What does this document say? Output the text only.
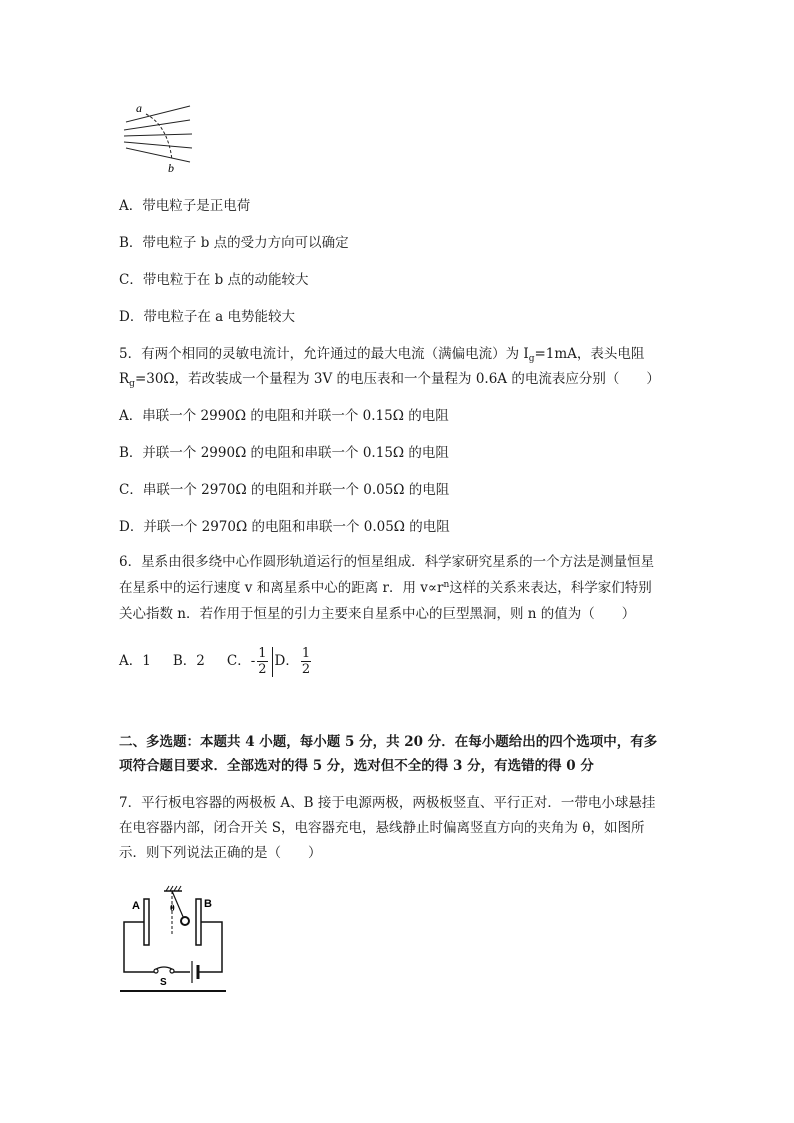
a
b
A．带电粒子是正电荷
B．带电粒子 b 点的受力方向可以确定
C．带电粒于在 b 点的动能较大
D．带电粒子在 a 电势能较大
5．有两个相同的灵敏电流计，允许通过的最大电流（满偏电流）为 $I_g=1mA$，表头电阻
$R_g=30\Omega$，若改装成一个量程为 3V 的电压表和一个量程为 0.6A 的电流表应分别（　　）
A．串联一个 2990Ω 的电阻和并联一个 0.15Ω 的电阻
B．并联一个 2990Ω 的电阻和串联一个 0.15Ω 的电阻
C．串联一个 2970Ω 的电阻和并联一个 0.05Ω 的电阻
D．并联一个 2970Ω 的电阻和串联一个 0.05Ω 的电阻
6．星系由很多绕中心作圆形轨道运行的恒星组成．科学家研究星系的一个方法是测量恒星
在星系中的运行速度 v 和离星系中心的距离 r．用 $v\propto r^n$这样的关系来表达，科学家们特别
关心指数 n．若作用于恒星的引力主要来自星系中心的巨型黑洞，则 n 的值为（　　）
A．1 B．2 C．- $\frac{1}{2}$ D． $\frac{1}{2}$
二、多选题：本题共 4 小题，每小题 5 分，共 20 分．在每小题给出的四个选项中，有多
项符合题目要求．全部选对的得 5 分，选对但不全的得 3 分，有选错的得 0 分
7．平行板电容器的两极板 A、B 接于电源两极，两极板竖直、平行正对．一带电小球悬挂
在电容器内部，闭合开关 S，电容器充电，悬线静止时偏离竖直方向的夹角为 θ，如图所
示．则下列说法正确的是（　　）
θ
A	B
S
